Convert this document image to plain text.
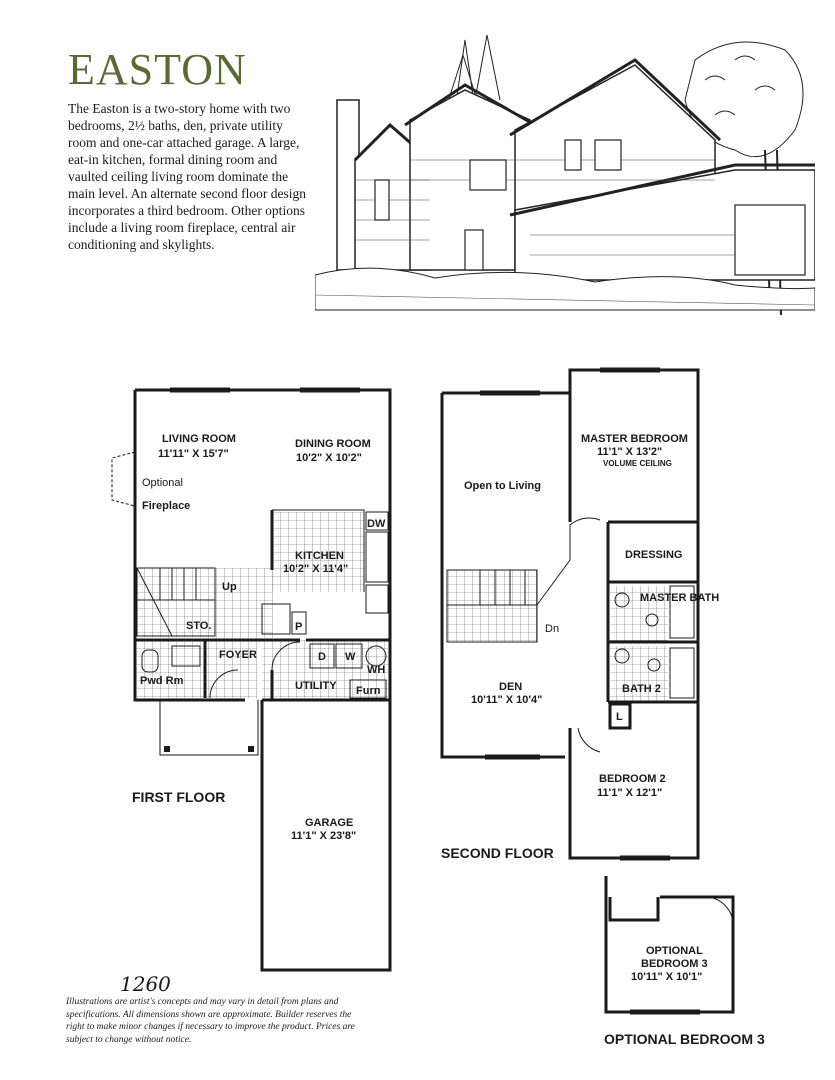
EASTON

The Easton is a two-story home with two bedrooms, 2½ baths, den, private utility room and one-car attached garage. A large, eat-in kitchen, formal dining room and vaulted ceiling living room dominate the main level. An alternate second floor design incorporates a third bedroom. Other options include a living room fireplace, central air conditioning and skylights.

LIVING ROOM
11'11" X 15'7"
DINING ROOM
10'2" X 10'2"
Optional
Fireplace
DW
KITCHEN
10'2" X 11'4"
Up
STO.	P
FOYER	D W
WH
Pwd Rm	UTILITY Furn
FIRST FLOOR
GARAGE
11'1" X 23'8"
Open to Living
MASTER BEDROOM
11'1" X 13'2"
VOLUME CEILING
DRESSING
MASTER BATH
Dn
BATH 2
DEN
10'11" X 10'4"
L
BEDROOM 2
11'1" X 12'1"
SECOND FLOOR
OPTIONAL
BEDROOM 3
10'11" X 10'1"
OPTIONAL BEDROOM 3
1260

Illustrations are artist's concepts and may vary in detail from plans and specifications. All dimensions shown are approximate. Builder reserves the right to make minor changes if necessary to improve the product. Prices are subject to change without notice.
